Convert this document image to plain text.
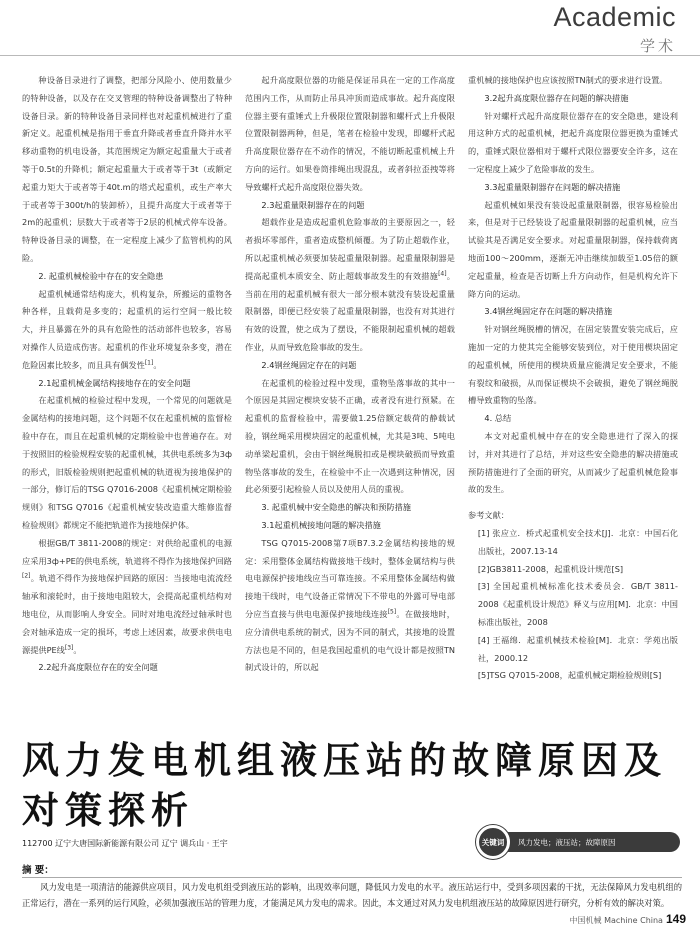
Academic
学术

种设备目录进行了调整，把部分风险小、使用数量少的特种设备，以及存在交叉管理的特种设备调整出了特种设备目录。新的特种设备目录同样也对起重机械进行了重新定义。起重机械是指用于垂直升降或者垂直升降并水平移动重物的机电设备，其范围规定为额定起重量大于或者等于0.5t的升降机；额定起重量大于或者等于3t（或额定起重力矩大于或者等于40t.m的塔式起重机，或生产率大于或者等于300t/h的装卸桥），且提升高度大于或者等于2m的起重机；层数大于或者等于2层的机械式停车设备。特种设备目录的调整，在一定程度上减少了监管机构的风险。

2. 起重机械检验中存在的安全隐患

起重机械通常结构庞大，机构复杂，所搬运的重物各种各样，且载荷是多变的；起重机的运行空间一般比较大，并且暴露在外的具有危险性的活动部件也较多，容易对操作人员造成伤害。起重机的作业环境复杂多变，潜在危险因素比较多，而且具有偶发性[1]。

2.1起重机械金属结构接地存在的安全问题

在起重机械的检验过程中发现，一个常见的问题就是金属结构的接地问题，这个问题不仅在起重机械的监督检验中存在，而且在起重机械的定期检验中也普遍存在。对于按照旧的检验规程安装的起重机械，其供电系统多为3ф的形式，旧版检验规则把起重机械的轨道视为接地保护的一部分，修订后的TSG Q7016-2008《起重机械定期检验规则》和TSG Q7016《起重机械安装改造重大维修监督检验规则》都规定不能把轨道作为接地保护体。

根据GB/T 3811-2008的规定：对供给起重机的电源应采用3ф+PE的供电系统，轨道将不得作为接地保护回路[2]。轨道不得作为接地保护回路的原因：当接地电流流经轴承和滚轮时，由于接地电阻较大，会提高起重机结构对地电位，从而影响人身安全。同时对地电流经过轴承时也会对轴承造成一定的损坏，考虑上述因素，故要求供电电源提供PE线[3]。

2.2起升高度限位存在的安全问题

起升高度限位器的功能是保证吊具在一定的工作高度范围内工作，从而防止吊具冲顶而造成事故。起升高度限位器主要有重锤式上升极限位置限制器和螺杆式上升极限位置限制器两种，但是，笔者在检验中发现，即螺杆式起升高度限位器存在不动作的情况，不能切断起重机械上升方向的运行。如果卷筒排绳出现混乱，或者斜拉歪拽等将导致螺杆式起升高度限位器失效。

2.3起重量限制器存在的问题

超载作业是造成起重机危险事故的主要原因之一，轻者损坏零部件，重者造成整机倾覆。为了防止超载作业，所以起重机械必须要加装起重量限制器。起重量限制器是提高起重机本质安全、防止超载事故发生的有效措施[4]。当前在用的起重机械有很大一部分根本就没有装设起重量限制器，即便已经安装了起重量限制器，也没有对其进行有效的设置，使之成为了摆设，不能限制起重机械的超载作业，从而导致危险事故的发生。

2.4钢丝绳固定存在的问题

在起重机的检验过程中发现，重物坠落事故的其中一个原因是其固定楔块安装不正确，或者没有进行预紧。在起重机的监督检验中，需要做1.25倍额定载荷的静载试验，钢丝绳采用楔块固定的起重机械，尤其是3吨、5吨电动单梁起重机，会由于钢丝绳脱扣或是楔块破损而导致重物坠落事故的发生，在检验中不止一次遇到这种情况，因此必须要引起检验人员以及使用人员的重视。

3. 起重机械中安全隐患的解决和预防措施

3.1起重机械接地问题的解决措施

TSG Q7015-2008第7项B7.3.2金属结构接地的规定：采用整体金属结构做接地干线时，整体金属结构与供电电源保护接地线应当可靠连接。不采用整体金属结构做接地干线时，电气设备正常情况下不带电的外露可导电部分应当直接与供电电源保护接地线连接[5]。在做接地时，应分清供电系统的制式，因为不同的制式，其接地的设置方法也是不同的，但是我国起重机的电气设计都是按照TN制式设计的，所以起

重机械的接地保护也应该按照TN制式的要求进行设置。

3.2起升高度限位器存在问题的解决措施

针对螺杆式起升高度限位器存在的安全隐患，建设利用这种方式的起重机械，把起升高度限位器更换为重锤式的，重锤式限位器相对于螺杆式限位器要安全许多，这在一定程度上减少了危险事故的发生。

3.3起重量限制器存在问题的解决措施

起重机械如果没有装设起重量限制器，很容易检验出来，但是对于已经装设了起重量限制器的起重机械，应当试验其是否满足安全要求。对起重量限制器，保持载荷离地面100～200mm，逐渐无冲击继续加载至1.05倍的额定起重量，检查是否切断上升方向动作，但是机构允许下降方向的运动。

3.4钢丝绳固定存在问题的解决措施

针对钢丝绳脱槽的情况，在固定装置安装完成后，应施加一定的力使其完全能够安装到位，对于使用楔块固定的起重机械，所使用的楔块质量应能满足安全要求，不能有裂纹和破损，从而保证楔块不会破损，避免了钢丝绳脱槽导致重物的坠落。

4. 总结

本文对起重机械中存在的安全隐患进行了深入的探讨，并对其进行了总结，并对这些安全隐患的解决措施或预防措施进行了全面的研究，从而减少了起重机械危险事故的发生。

参考文献：

[1] 张应立．桥式起重机安全技术[J]．北京：中国石化出版社，2007.13-14

[2]GB3811-2008，起重机设计规范[S]

[3] 全国起重机械标准化技术委员会．GB/T 3811-2008《起重机设计规范》释义与应用[M]．北京：中国标准出版社，2008

[4] 王福绵．起重机械技术检验[M]．北京：学苑出版社，2000.12

[5]TSG Q7015-2008，起重机械定期检验规则[S]

风力发电机组液压站的故障原因及对策探析
112700 辽宁大唐国际新能源有限公司 辽宁 调兵山 · 王宇	关键词	风力发电；液压站；故障原因
摘 要：
风力发电是一项清洁的能源供应项目，风力发电机组受到液压站的影响，出现效率问题，降低风力发电的水平。液压站运行中，受到多项因素的干扰，无法保障风力发电机组的正常运行，潜在一系列的运行风险，必须加强液压站的管理力度，才能满足风力发电的需求。因此，本文通过对风力发电机组液压站的故障原因进行研究，分析有效的解决对策。
中国机械 Machine China 149
